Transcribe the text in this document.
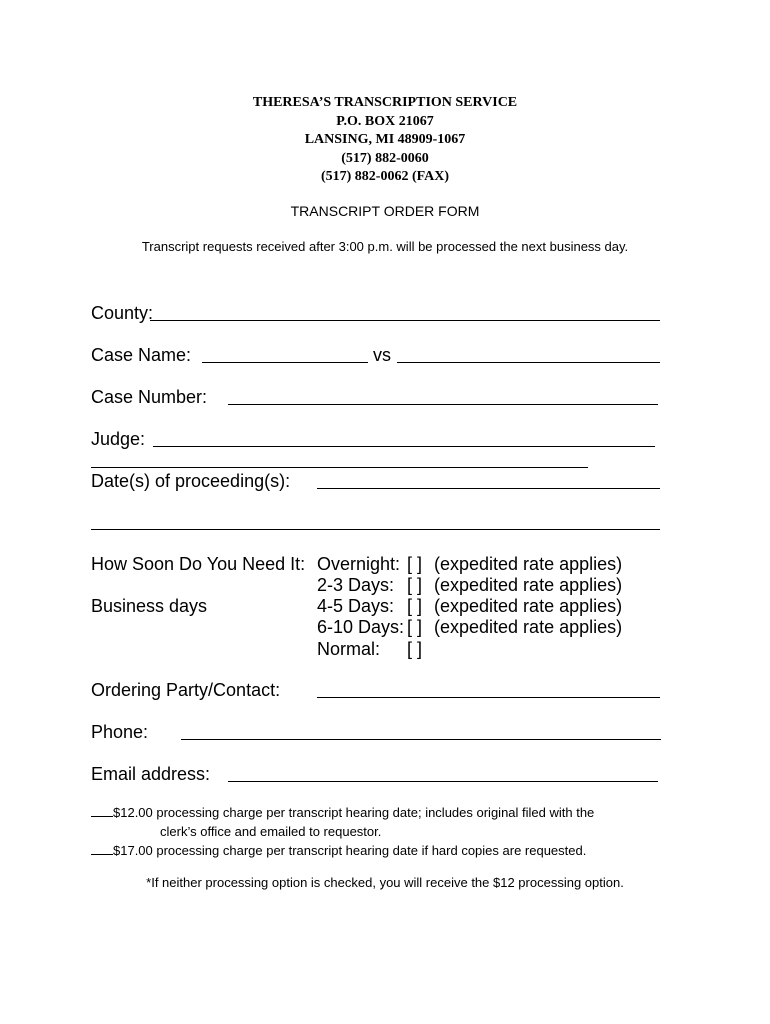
THERESA’S TRANSCRIPTION SERVICE
P.O. BOX 21067
LANSING, MI 48909-1067
(517) 882-0060
(517) 882-0062 (FAX)
TRANSCRIPT ORDER FORM
Transcript requests received after 3:00 p.m. will be processed the next business day.
County:
Case Name:	vs
Case Number:
Judge:
Date(s) of proceeding(s):
How Soon Do You Need It:
Business days
Overnight: [ ] (expedited rate applies)
2-3 Days: [ ] (expedited rate applies)
4-5 Days: [ ] (expedited rate applies)
6-10 Days: [ ] (expedited rate applies)
Normal: [ ]
Ordering Party/Contact:
Phone:
Email address:
$12.00 processing charge per transcript hearing date; includes original filed with the
clerk’s office and emailed to requestor.
$17.00 processing charge per transcript hearing date if hard copies are requested.
*If neither processing option is checked, you will receive the $12 processing option.
